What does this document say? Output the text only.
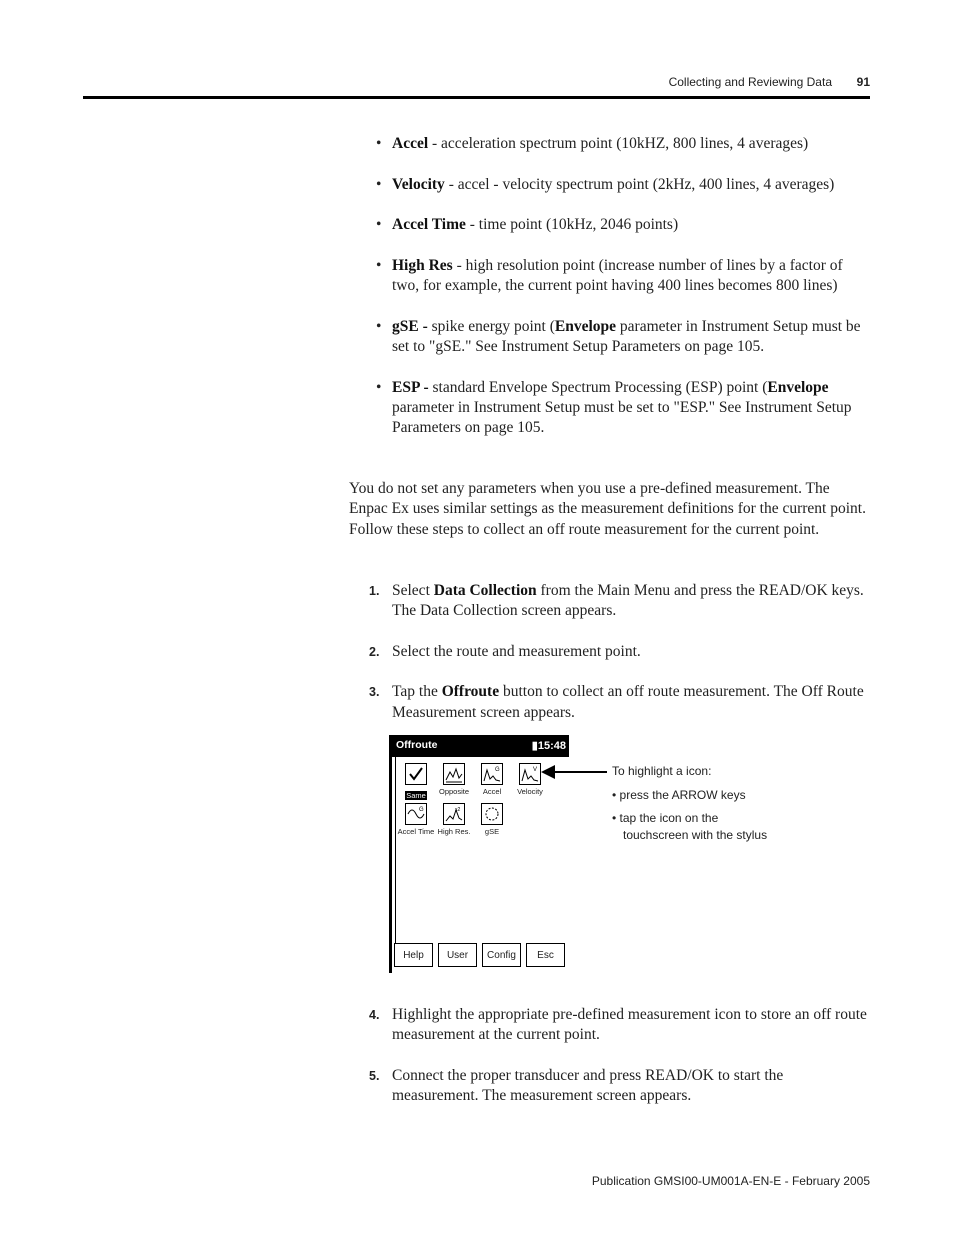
Collecting and Reviewing Data	91
• Accel - acceleration spectrum point (10kHZ, 800 lines, 4 averages)
• Velocity - accel - velocity spectrum point (2kHz, 400 lines, 4 averages)
• Accel Time - time point (10kHz, 2046 points)
• High Res - high resolution point (increase number of lines by a factor of two, for example, the current point having 400 lines becomes 800 lines)
• gSE - spike energy point (Envelope parameter in Instrument Setup must be set to "gSE." See Instrument Setup Parameters on page 105.
• ESP - standard Envelope Spectrum Processing (ESP) point (Envelope parameter in Instrument Setup must be set to "ESP." See Instrument Setup Parameters on page 105.

You do not set any parameters when you use a pre-defined measurement. The Enpac Ex uses similar settings as the measurement definitions for the current point. Follow these steps to collect an off route measurement for the current point.

1. Select Data Collection from the Main Menu and press the READ/OK keys. The Data Collection screen appears.
2. Select the route and measurement point.
3. Tap the Offroute button to collect an off route measurement. The Off Route Measurement screen appears.
Offroute	▮15:48
Same	Opposite
G
Accel
V
Velocity
G
Accel Time
x2
High Res.	gSE
Help	User	Config	Esc
To highlight a icon:
• press the ARROW keys
• tap the icon on the
touchscreen with the stylus
4. Highlight the appropriate pre-defined measurement icon to store an off route measurement at the current point.
5. Connect the proper transducer and press READ/OK to start the measurement. The measurement screen appears.
Publication GMSI00-UM001A-EN-E - February 2005
